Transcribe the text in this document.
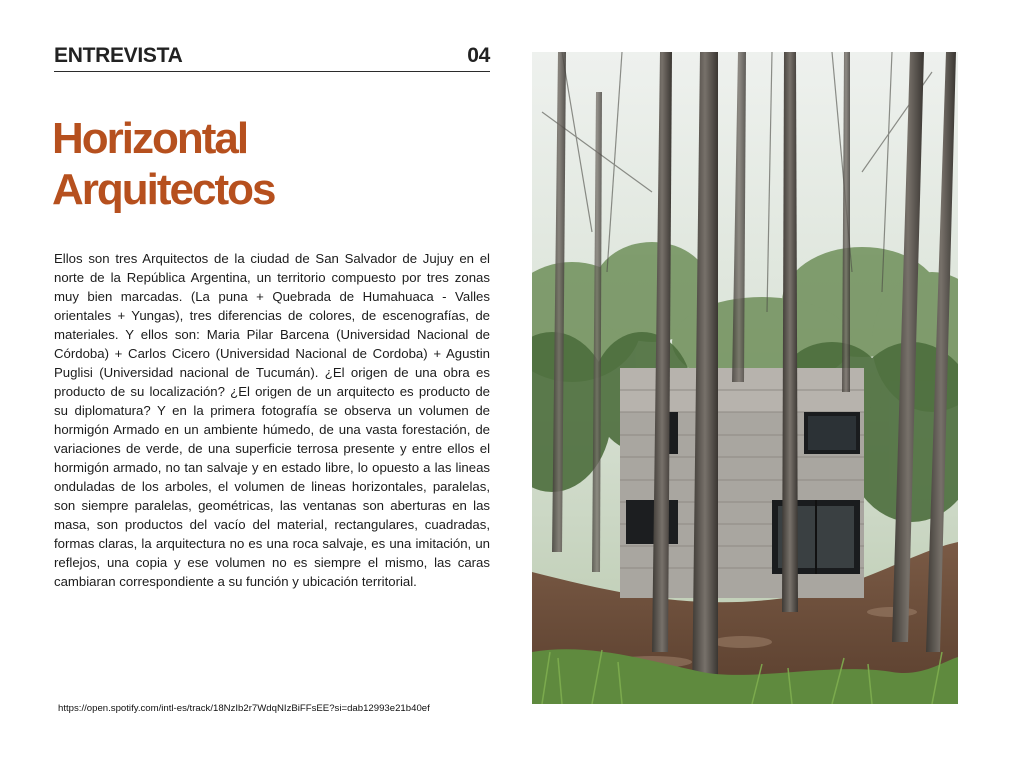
ENTREVISTA	04
Horizontal
Arquitectos

Ellos son tres Arquitectos de la ciudad de San Salvador de Jujuy en el norte de la República Argentina, un territorio compuesto por tres zonas muy bien marcadas. (La puna + Quebrada de Humahuaca - Valles orientales + Yungas), tres diferencias de colores, de escenografías, de materiales. Y ellos son: Maria Pilar Barcena (Universidad Nacional de Córdoba) + Carlos Cicero (Universidad Nacional de Cordoba) + Agustin Puglisi (Universidad nacional de Tucumán). ¿El origen de una obra es producto de su localización? ¿El origen de un arquitecto es producto de su diplomatura? Y en la primera fotografía se observa un volumen de hormigón Armado en un ambiente húmedo, de una vasta forestación, de variaciones de verde, de una superficie terrosa presente y entre ellos el hormigón armado, no tan salvaje y en estado libre, lo opuesto a las lineas onduladas de los arboles, el volumen de lineas horizontales, paralelas, son siempre paralelas, geométricas, las ventanas son aberturas en las masa, son productos del vacío del material, rectangulares, cuadradas, formas claras, la arquitectura no es una roca salvaje, es una imitación, un reflejos, una copia y ese volumen no es siempre el mismo, las caras cambiaran correspondiente a su función y ubicación territorial.

https://open.spotify.com/intl-es/track/18NzIb2r7WdqNIzBiFFsEE?si=dab12993e21b40ef
